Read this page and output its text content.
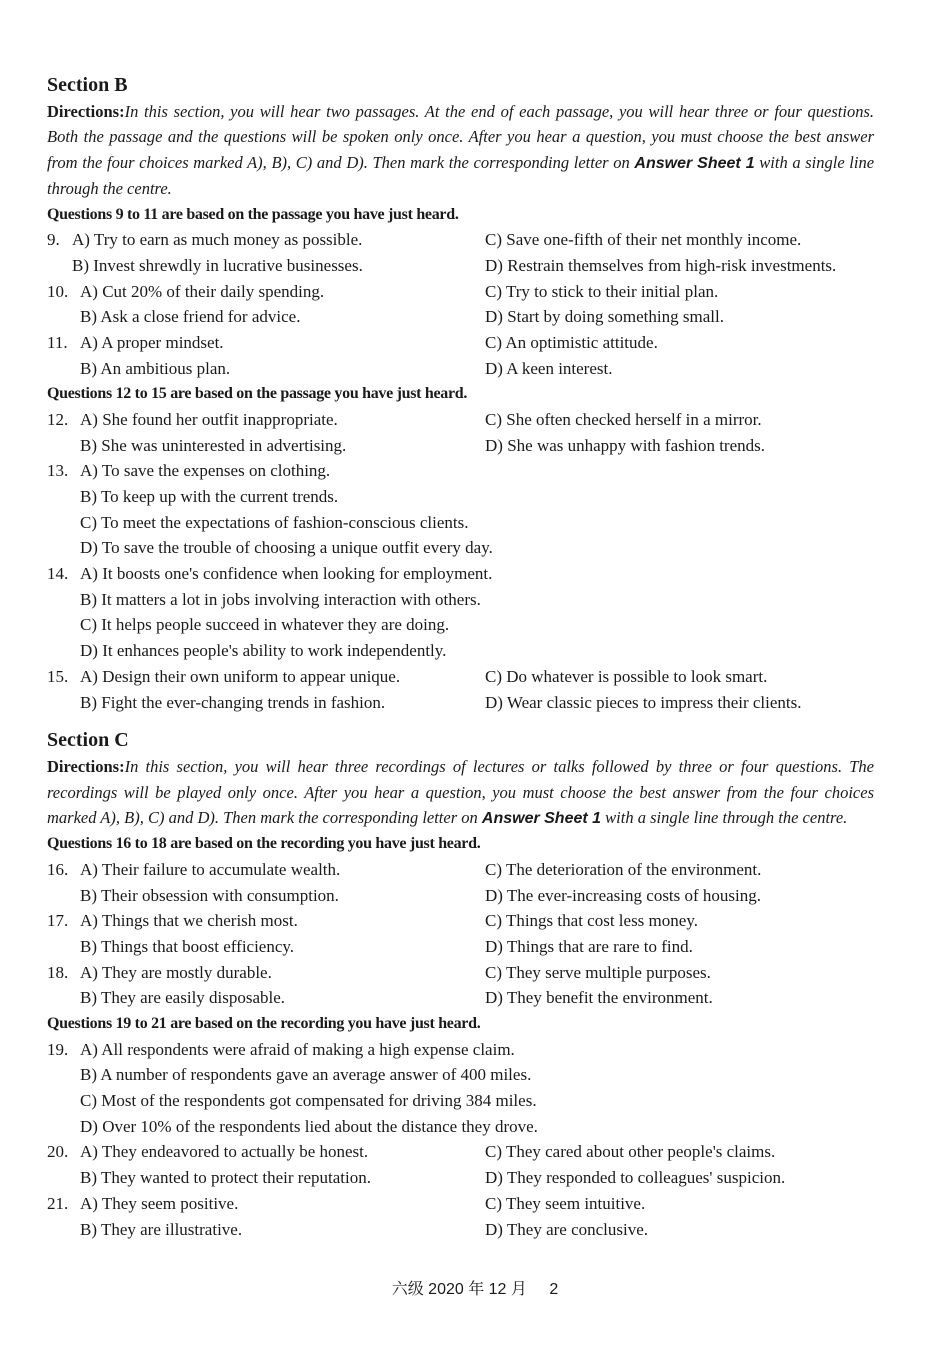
Section B
Directions:In this section, you will hear two passages. At the end of each passage, you will hear three or four questions. Both the passage and the questions will be spoken only once. After you hear a question, you must choose the best answer from the four choices marked A), B), C) and D). Then mark the corresponding letter on Answer Sheet 1 with a single line through the centre.
Questions 9 to 11 are based on the passage you have just heard.
9. A) Try to earn as much money as possible.	C) Save one-fifth of their net monthly income.
B) Invest shrewdly in lucrative businesses.	D) Restrain themselves from high-risk investments.
10. A) Cut 20% of their daily spending.	C) Try to stick to their initial plan.
B) Ask a close friend for advice.	D) Start by doing something small.
11. A) A proper mindset.	C) An optimistic attitude.
B) An ambitious plan.	D) A keen interest.
Questions 12 to 15 are based on the passage you have just heard.
12. A) She found her outfit inappropriate.	C) She often checked herself in a mirror.
B) She was uninterested in advertising.	D) She was unhappy with fashion trends.
13. A) To save the expenses on clothing.
B) To keep up with the current trends.
C) To meet the expectations of fashion-conscious clients.
D) To save the trouble of choosing a unique outfit every day.
14. A) It boosts one's confidence when looking for employment.
B) It matters a lot in jobs involving interaction with others.
C) It helps people succeed in whatever they are doing.
D) It enhances people's ability to work independently.
15. A) Design their own uniform to appear unique.	C) Do whatever is possible to look smart.
B) Fight the ever-changing trends in fashion.	D) Wear classic pieces to impress their clients.
Section C
Directions:In this section, you will hear three recordings of lectures or talks followed by three or four questions. The recordings will be played only once. After you hear a question, you must choose the best answer from the four choices marked A), B), C) and D). Then mark the corresponding letter on Answer Sheet 1 with a single line through the centre.
Questions 16 to 18 are based on the recording you have just heard.
16. A) Their failure to accumulate wealth.	C) The deterioration of the environment.
B) Their obsession with consumption.	D) The ever-increasing costs of housing.
17. A) Things that we cherish most.	C) Things that cost less money.
B) Things that boost efficiency.	D) Things that are rare to find.
18. A) They are mostly durable.	C) They serve multiple purposes.
B) They are easily disposable.	D) They benefit the environment.
Questions 19 to 21 are based on the recording you have just heard.
19. A) All respondents were afraid of making a high expense claim.
B) A number of respondents gave an average answer of 400 miles.
C) Most of the respondents got compensated for driving 384 miles.
D) Over 10% of the respondents lied about the distance they drove.
20. A) They endeavored to actually be honest.	C) They cared about other people's claims.
B) They wanted to protect their reputation.	D) They responded to colleagues' suspicion.
21. A) They seem positive.	C) They seem intuitive.
B) They are illustrative.	D) They are conclusive.
六级 2020 年 12 月 2
